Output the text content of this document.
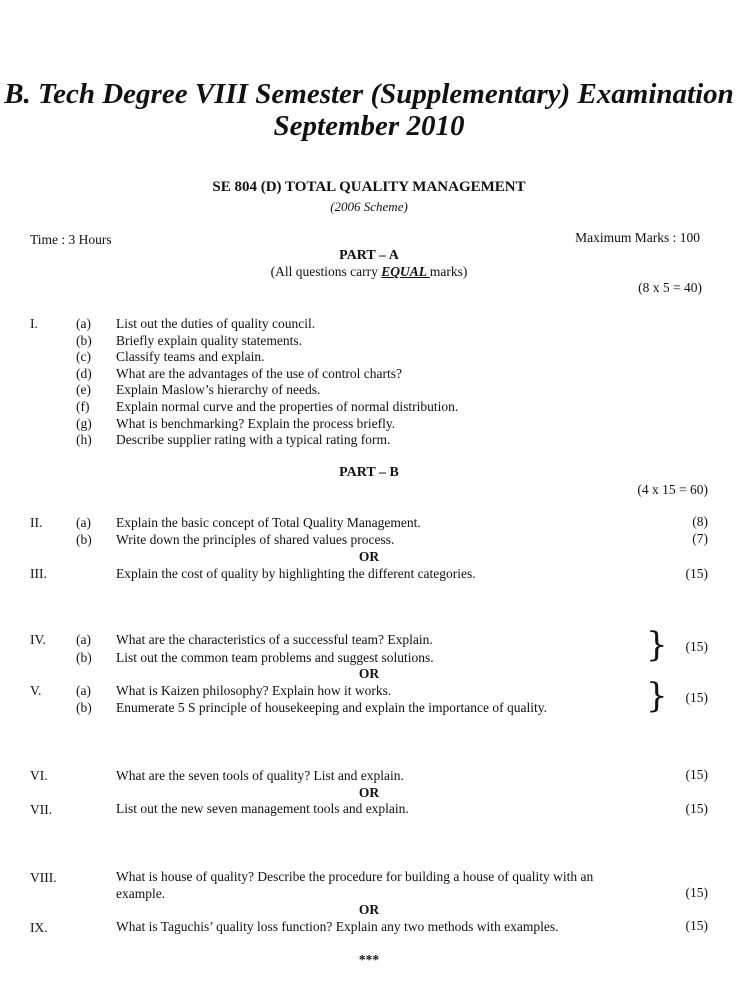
B. Tech Degree VIII Semester (Supplementary) Examination
September 2010
SE 804 (D) TOTAL QUALITY MANAGEMENT
(2006 Scheme)
Time : 3 Hours	Maximum Marks : 100
PART – A
(All questions carry EQUAL marks)
(8 x 5 = 40)
I.	(a) List out the duties of quality council.
(b) Briefly explain quality statements.
(c) Classify teams and explain.
(d) What are the advantages of the use of control charts?
(e) Explain Maslow’s hierarchy of needs.
(f) Explain normal curve and the properties of normal distribution.
(g) What is benchmarking? Explain the process briefly.
(h) Describe supplier rating with a typical rating form.
PART – B
(4 x 15 = 60)
II. (a) Explain the basic concept of Total Quality Management.	(8)
(b) Write down the principles of shared values process.	(7)
OR
III.	Explain the cost of quality by highlighting the different categories.	(15)
IV. (a) What are the characteristics of a successful team? Explain.
(b) List out the common team problems and suggest solutions.	} (15)
OR
V.	(a) What is Kaizen philosophy? Explain how it works.
(b) Enumerate 5 S principle of housekeeping and explain the importance of quality.	} (15)
VI.	What are the seven tools of quality? List and explain.	(15)
OR
VII.	List out the new seven management tools and explain.	(15)
VIII.	What is house of quality? Describe the procedure for building a house of quality with an
example.	(15)
OR
IX.	What is Taguchis’ quality loss function? Explain any two methods with examples.	(15)
***
